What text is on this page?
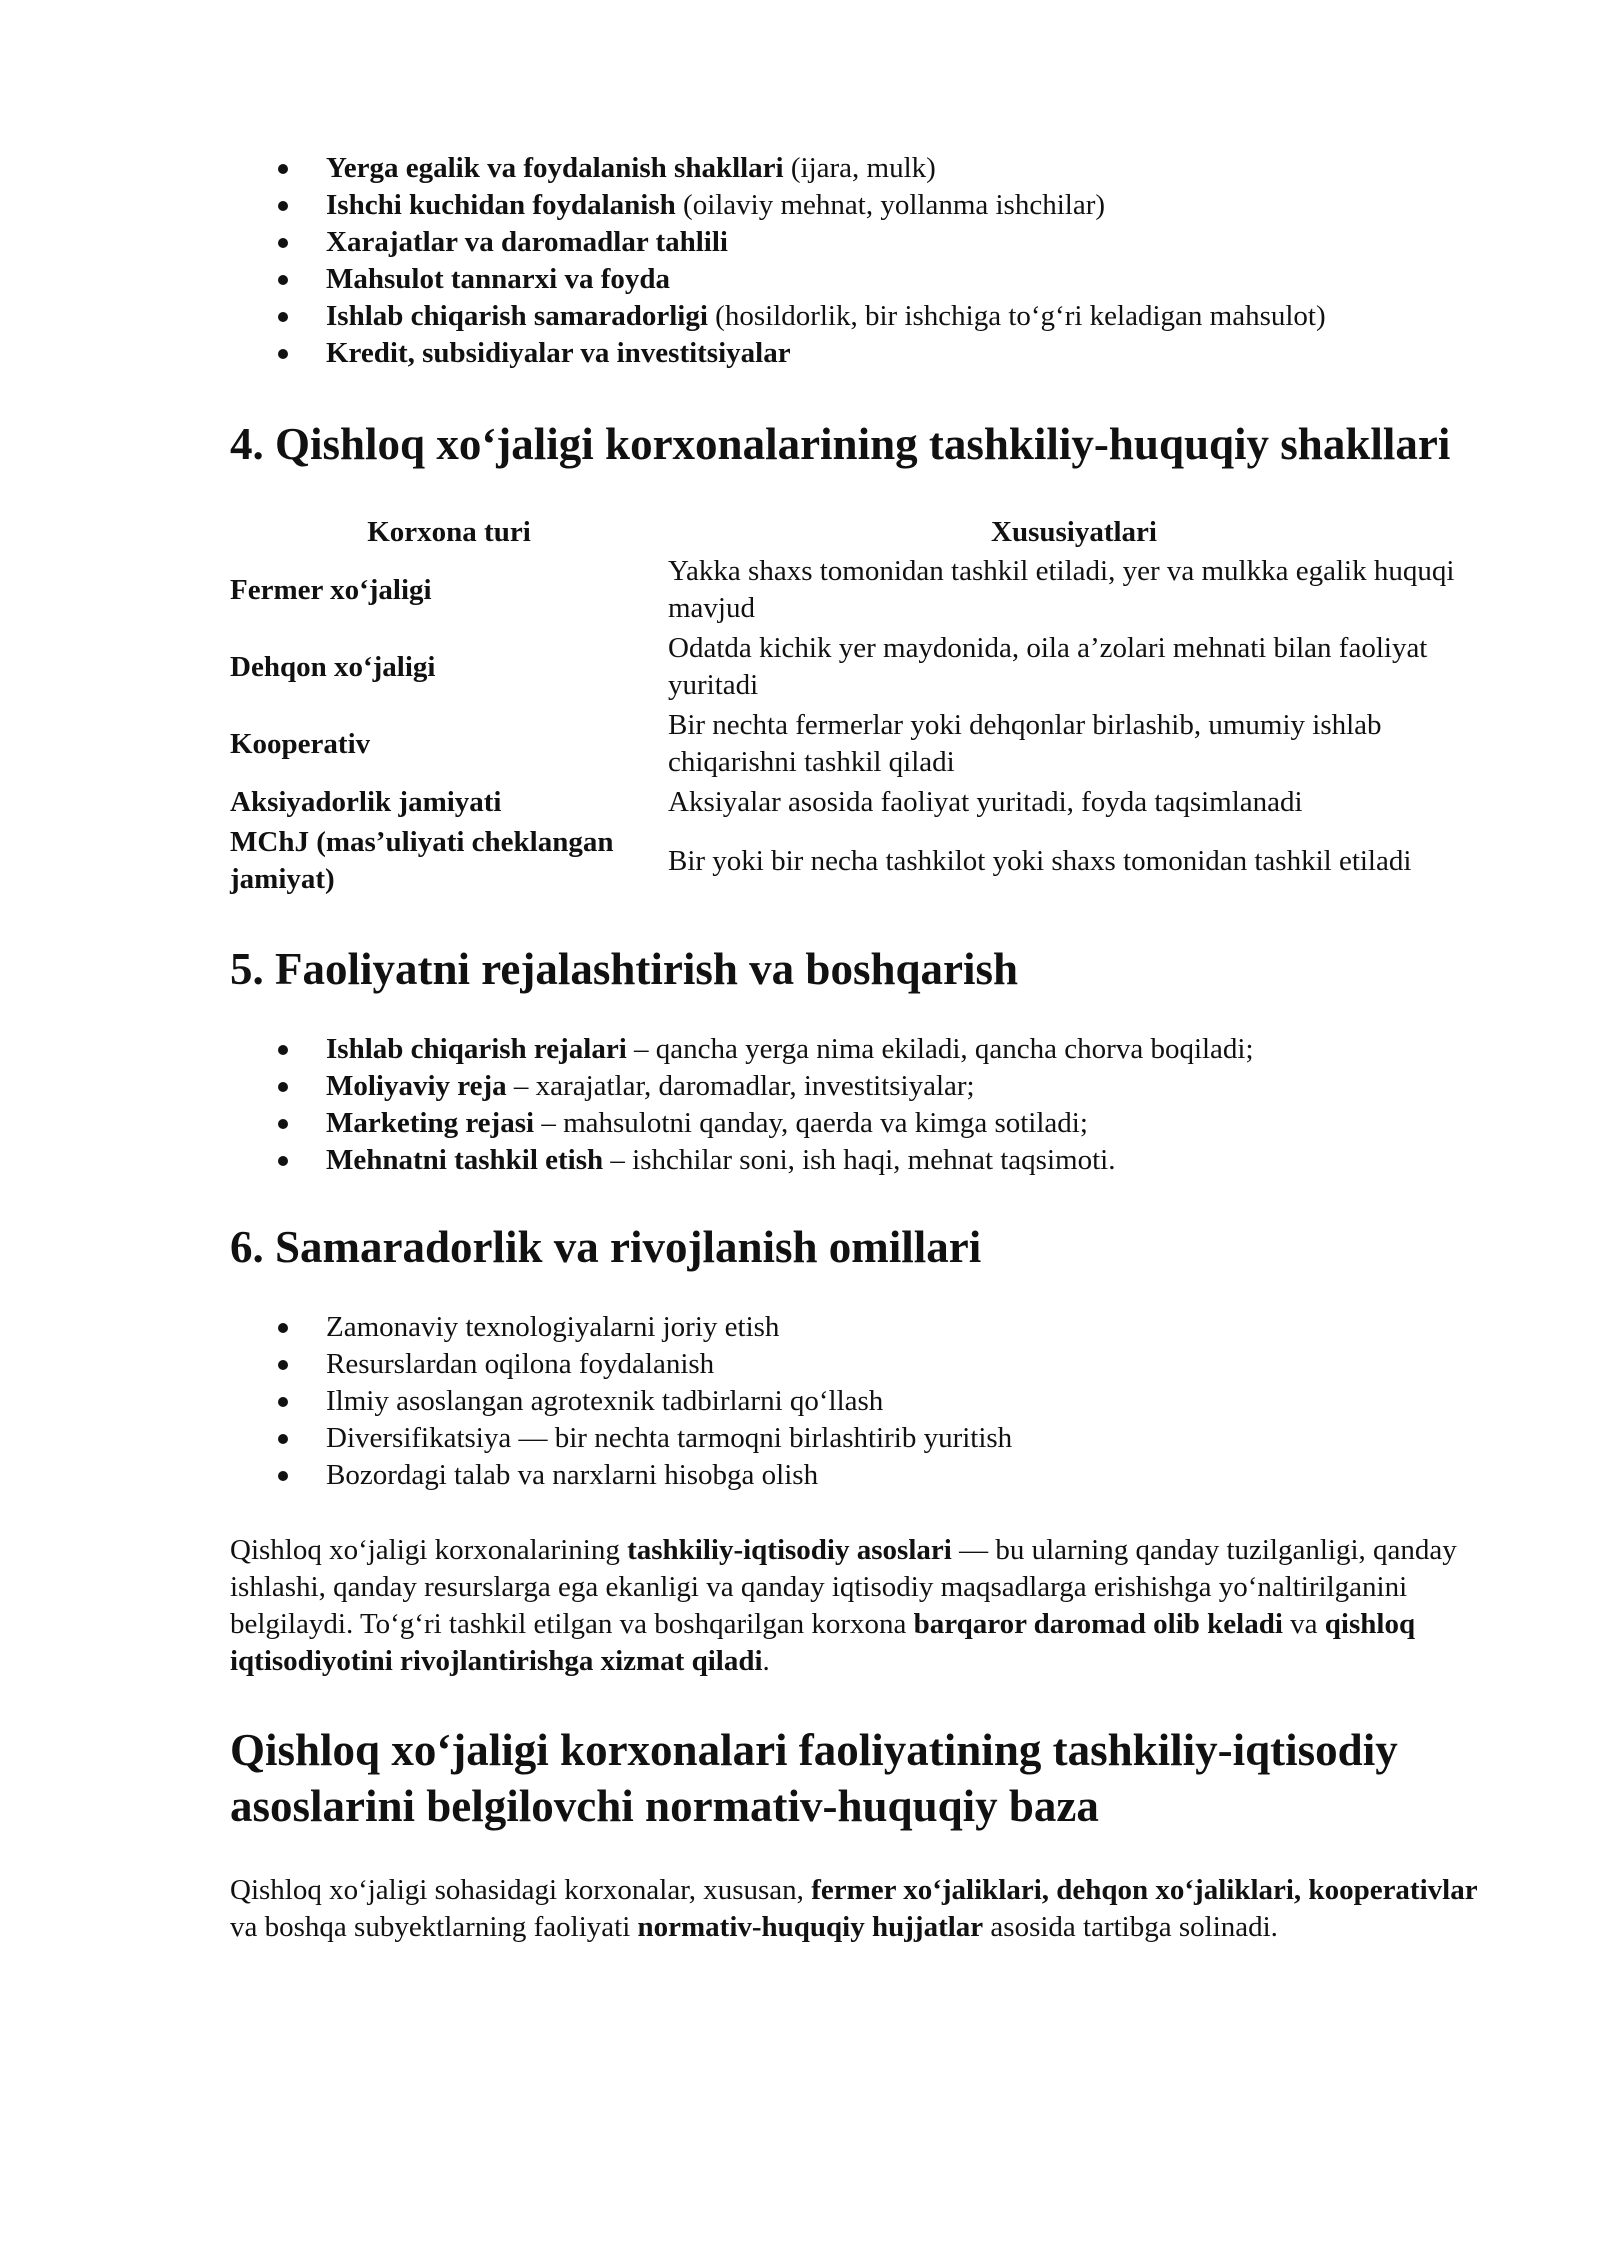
Yerga egalik va foydalanish shakllari (ijara, mulk)
Ishchi kuchidan foydalanish (oilaviy mehnat, yollanma ishchilar)
Xarajatlar va daromadlar tahlili
Mahsulot tannarxi va foyda
Ishlab chiqarish samaradorligi (hosildorlik, bir ishchiga to‘g‘ri keladigan mahsulot)
Kredit, subsidiyalar va investitsiyalar
4. Qishloq xo‘jaligi korxonalarining tashkiliy-huquqiy shakllari
Korxona turi	Xususiyatlari
Fermer xo‘jaligi	Yakka shaxs tomonidan tashkil etiladi, yer va mulkka egalik huquqi mavjud
Dehqon xo‘jaligi	Odatda kichik yer maydonida, oila a’zolari mehnati bilan faoliyat yuritadi
Kooperativ	Bir nechta fermerlar yoki dehqonlar birlashib, umumiy ishlab chiqarishni tashkil qiladi
Aksiyadorlik jamiyati	Aksiyalar asosida faoliyat yuritadi, foyda taqsimlanadi
MChJ (mas’uliyati cheklangan jamiyat)	Bir yoki bir necha tashkilot yoki shaxs tomonidan tashkil etiladi
5. Faoliyatni rejalashtirish va boshqarish
Ishlab chiqarish rejalari – qancha yerga nima ekiladi, qancha chorva boqiladi;
Moliyaviy reja – xarajatlar, daromadlar, investitsiyalar;
Marketing rejasi – mahsulotni qanday, qaerda va kimga sotiladi;
Mehnatni tashkil etish – ishchilar soni, ish haqi, mehnat taqsimoti.
6. Samaradorlik va rivojlanish omillari
Zamonaviy texnologiyalarni joriy etish
Resurslardan oqilona foydalanish
Ilmiy asoslangan agrotexnik tadbirlarni qo‘llash
Diversifikatsiya — bir nechta tarmoqni birlashtirib yuritish
Bozordagi talab va narxlarni hisobga olish

Qishloq xo‘jaligi korxonalarining tashkiliy-iqtisodiy asoslari — bu ularning qanday tuzilganligi, qanday ishlashi, qanday resurslarga ega ekanligi va qanday iqtisodiy maqsadlarga erishishga yo‘naltirilganini belgilaydi. To‘g‘ri tashkil etilgan va boshqarilgan korxona barqaror daromad olib keladi va qishloq iqtisodiyotini rivojlantirishga xizmat qiladi.

Qishloq xo‘jaligi korxonalari faoliyatining tashkiliy-iqtisodiy asoslarini belgilovchi normativ-huquqiy baza

Qishloq xo‘jaligi sohasidagi korxonalar, xususan, fermer xo‘jaliklari, dehqon xo‘jaliklari, kooperativlar va boshqa subyektlarning faoliyati normativ-huquqiy hujjatlar asosida tartibga solinadi.
